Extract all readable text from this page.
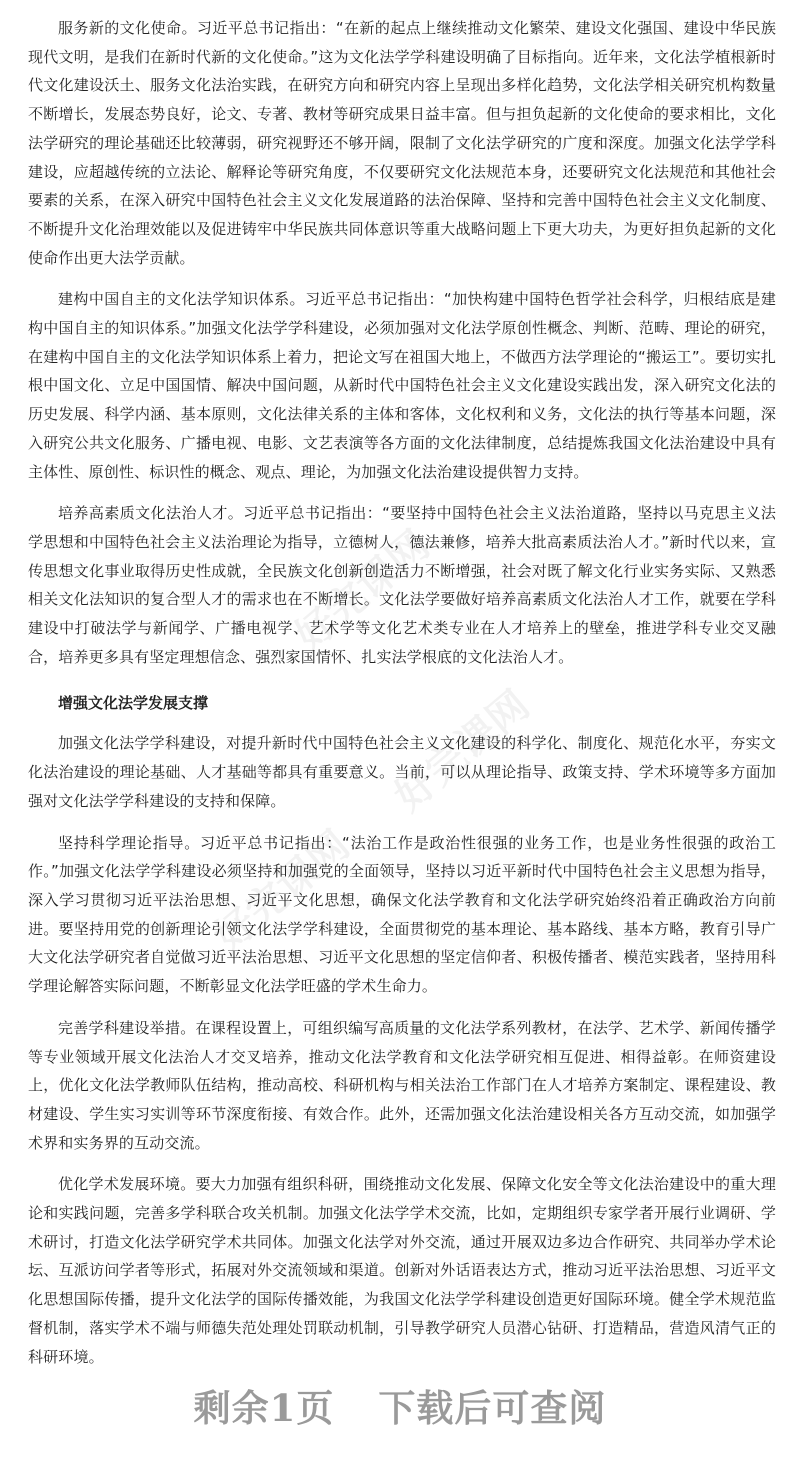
好完课网
好完课网
好完课网

服务新的文化使命。习近平总书记指出：“在新的起点上继续推动文化繁荣、建设文化强国、建设中华民族现代文明，是我们在新时代新的文化使命。”这为文化法学学科建设明确了目标指向。近年来，文化法学植根新时代文化建设沃土、服务文化法治实践，在研究方向和研究内容上呈现出多样化趋势，文化法学相关研究机构数量不断增长，发展态势良好，论文、专著、教材等研究成果日益丰富。但与担负起新的文化使命的要求相比，文化法学研究的理论基础还比较薄弱，研究视野还不够开阔，限制了文化法学研究的广度和深度。加强文化法学学科建设，应超越传统的立法论、解释论等研究角度，不仅要研究文化法规范本身，还要研究文化法规范和其他社会要素的关系，在深入研究中国特色社会主义文化发展道路的法治保障、坚持和完善中国特色社会主义文化制度、不断提升文化治理效能以及促进铸牢中华民族共同体意识等重大战略问题上下更大功夫，为更好担负起新的文化使命作出更大法学贡献。

建构中国自主的文化法学知识体系。习近平总书记指出：“加快构建中国特色哲学社会科学，归根结底是建构中国自主的知识体系。”加强文化法学学科建设，必须加强对文化法学原创性概念、判断、范畴、理论的研究，在建构中国自主的文化法学知识体系上着力，把论文写在祖国大地上，不做西方法学理论的“搬运工”。要切实扎根中国文化、立足中国国情、解决中国问题，从新时代中国特色社会主义文化建设实践出发，深入研究文化法的历史发展、科学内涵、基本原则，文化法律关系的主体和客体，文化权利和义务，文化法的执行等基本问题，深入研究公共文化服务、广播电视、电影、文艺表演等各方面的文化法律制度，总结提炼我国文化法治建设中具有主体性、原创性、标识性的概念、观点、理论，为加强文化法治建设提供智力支持。

培养高素质文化法治人才。习近平总书记指出：“要坚持中国特色社会主义法治道路，坚持以马克思主义法学思想和中国特色社会主义法治理论为指导，立德树人，德法兼修，培养大批高素质法治人才。”新时代以来，宣传思想文化事业取得历史性成就，全民族文化创新创造活力不断增强，社会对既了解文化行业实务实际、又熟悉相关文化法知识的复合型人才的需求也在不断增长。文化法学要做好培养高素质文化法治人才工作，就要在学科建设中打破法学与新闻学、广播电视学、艺术学等文化艺术类专业在人才培养上的壁垒，推进学科专业交叉融合，培养更多具有坚定理想信念、强烈家国情怀、扎实法学根底的文化法治人才。

增强文化法学发展支撑

加强文化法学学科建设，对提升新时代中国特色社会主义文化建设的科学化、制度化、规范化水平，夯实文化法治建设的理论基础、人才基础等都具有重要意义。当前，可以从理论指导、政策支持、学术环境等多方面加强对文化法学学科建设的支持和保障。

坚持科学理论指导。习近平总书记指出：“法治工作是政治性很强的业务工作，也是业务性很强的政治工作。”加强文化法学学科建设必须坚持和加强党的全面领导，坚持以习近平新时代中国特色社会主义思想为指导，深入学习贯彻习近平法治思想、习近平文化思想，确保文化法学教育和文化法学研究始终沿着正确政治方向前进。要坚持用党的创新理论引领文化法学学科建设，全面贯彻党的基本理论、基本路线、基本方略，教育引导广大文化法学研究者自觉做习近平法治思想、习近平文化思想的坚定信仰者、积极传播者、模范实践者，坚持用科学理论解答实际问题，不断彰显文化法学旺盛的学术生命力。

完善学科建设举措。在课程设置上，可组织编写高质量的文化法学系列教材，在法学、艺术学、新闻传播学等专业领域开展文化法治人才交叉培养，推动文化法学教育和文化法学研究相互促进、相得益彰。在师资建设上，优化文化法学教师队伍结构，推动高校、科研机构与相关法治工作部门在人才培养方案制定、课程建设、教材建设、学生实习实训等环节深度衔接、有效合作。此外，还需加强文化法治建设相关各方互动交流，如加强学术界和实务界的互动交流。

优化学术发展环境。要大力加强有组织科研，围绕推动文化发展、保障文化安全等文化法治建设中的重大理论和实践问题，完善多学科联合攻关机制。加强文化法学学术交流，比如，定期组织专家学者开展行业调研、学术研讨，打造文化法学研究学术共同体。加强文化法学对外交流，通过开展双边多边合作研究、共同举办学术论坛、互派访问学者等形式，拓展对外交流领域和渠道。创新对外话语表达方式，推动习近平法治思想、习近平文化思想国际传播，提升文化法学的国际传播效能，为我国文化法学学科建设创造更好国际环境。健全学术规范监督机制，落实学术不端与师德失范处理处罚联动机制，引导教学研究人员潜心钻研、打造精品，营造风清气正的科研环境。

剩余1页 下载后可查阅
